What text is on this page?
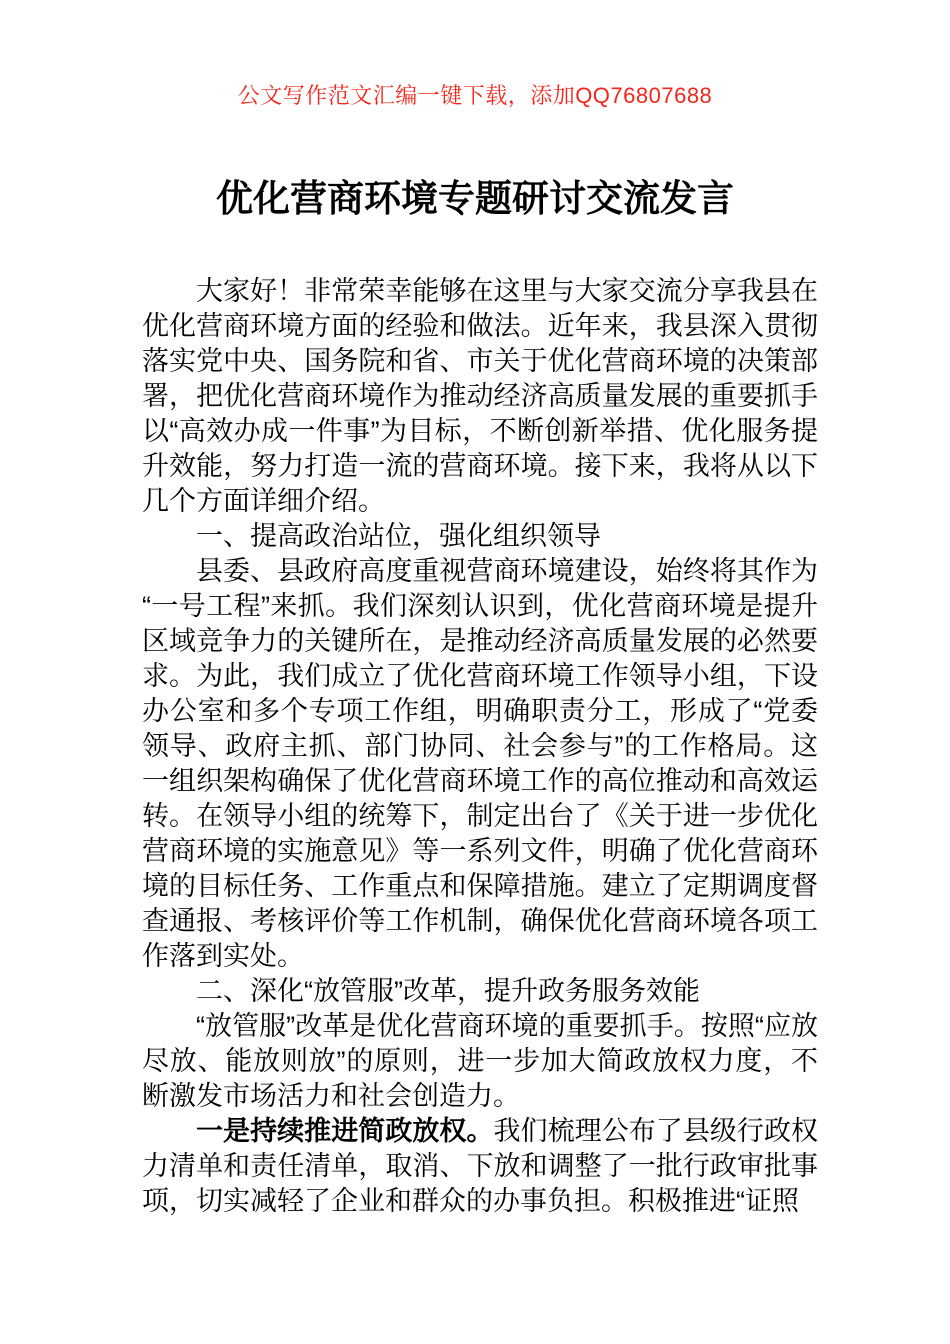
公文写作范文汇编一键下载，添加QQ76807688
优化营商环境专题研讨交流发言

大家好！非常荣幸能够在这里与大家交流分享我县在优化营商环境方面的经验和做法。近年来，我县深入贯彻落实党中央、国务院和省、市关于优化营商环境的决策部署，把优化营商环境作为推动经济高质量发展的重要抓手以“高效办成一件事”为目标，不断创新举措、优化服务提升效能，努力打造一流的营商环境。接下来，我将从以下几个方面详细介绍。

一、提高政治站位，强化组织领导

县委、县政府高度重视营商环境建设，始终将其作为“一号工程”来抓。我们深刻认识到，优化营商环境是提升区域竞争力的关键所在，是推动经济高质量发展的必然要求。为此，我们成立了优化营商环境工作领导小组，下设办公室和多个专项工作组，明确职责分工，形成了“党委领导、政府主抓、部门协同、社会参与”的工作格局。这一组织架构确保了优化营商环境工作的高位推动和高效运转。在领导小组的统筹下，制定出台了《关于进一步优化营商环境的实施意见》等一系列文件，明确了优化营商环境的目标任务、工作重点和保障措施。建立了定期调度督查通报、考核评价等工作机制，确保优化营商环境各项工作落到实处。

二、深化“放管服”改革，提升政务服务效能

“放管服”改革是优化营商环境的重要抓手。按照“应放尽放、能放则放”的原则，进一步加大简政放权力度，不断激发市场活力和社会创造力。

一是持续推进简政放权。我们梳理公布了县级行政权力清单和责任清单，取消、下放和调整了一批行政审批事项，切实减轻了企业和群众的办事负担。积极推进“证照
